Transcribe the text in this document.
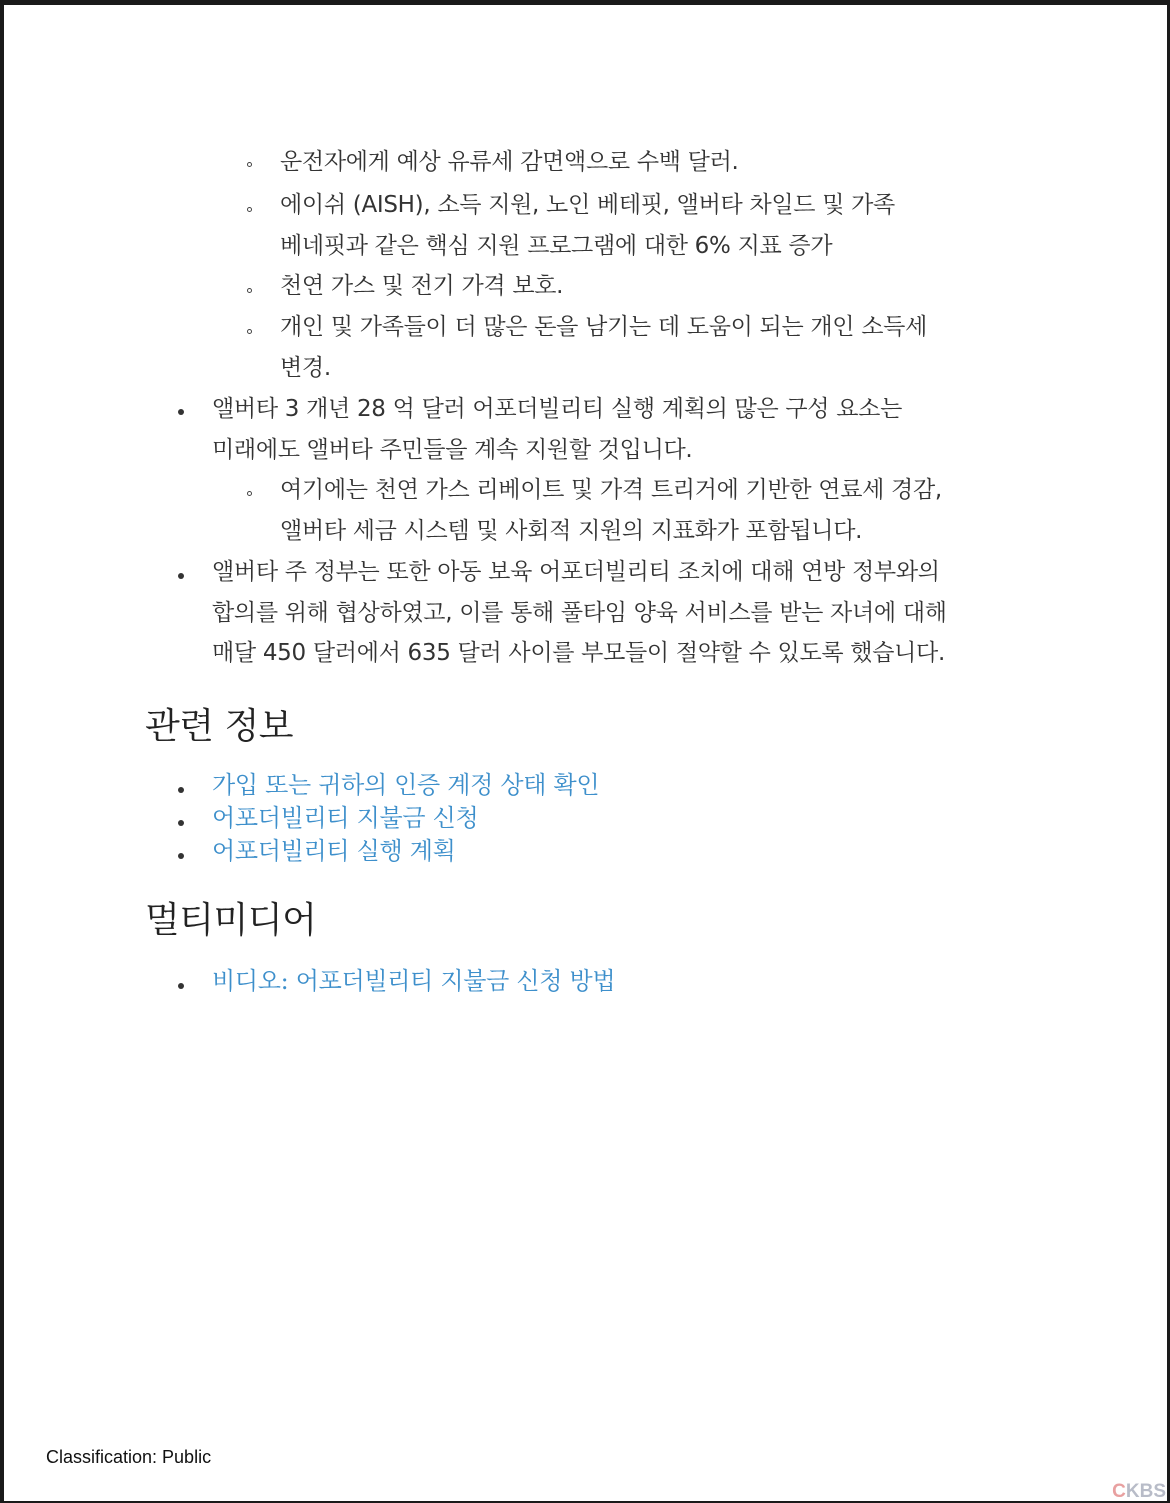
운전자에게 예상 유류세 감면액으로 수백 달러.
에이쉬 (AISH), 소득 지원, 노인 베테핏, 앨버타 차일드 및 가족
베네핏과 같은 핵심 지원 프로그램에 대한 6% 지표 증가
천연 가스 및 전기 가격 보호.
개인 및 가족들이 더 많은 돈을 남기는 데 도움이 되는 개인 소득세
변경.
앨버타 3 개년 28 억 달러 어포더빌리티 실행 계획의 많은 구성 요소는
미래에도 앨버타 주민들을 계속 지원할 것입니다.
여기에는 천연 가스 리베이트 및 가격 트리거에 기반한 연료세 경감,
앨버타 세금 시스템 및 사회적 지원의 지표화가 포함됩니다.
앨버타 주 정부는 또한 아동 보육 어포더빌리티 조치에 대해 연방 정부와의
합의를 위해 협상하였고, 이를 통해 풀타임 양육 서비스를 받는 자녀에 대해
매달 450 달러에서 635 달러 사이를 부모들이 절약할 수 있도록 했습니다.
관련 정보
가입 또는 귀하의 인증 계정 상태 확인
어포더빌리티 지불금 신청
어포더빌리티 실행 계획
멀티미디어
비디오: 어포더빌리티 지불금 신청 방법
Classification: Public
CKBS
